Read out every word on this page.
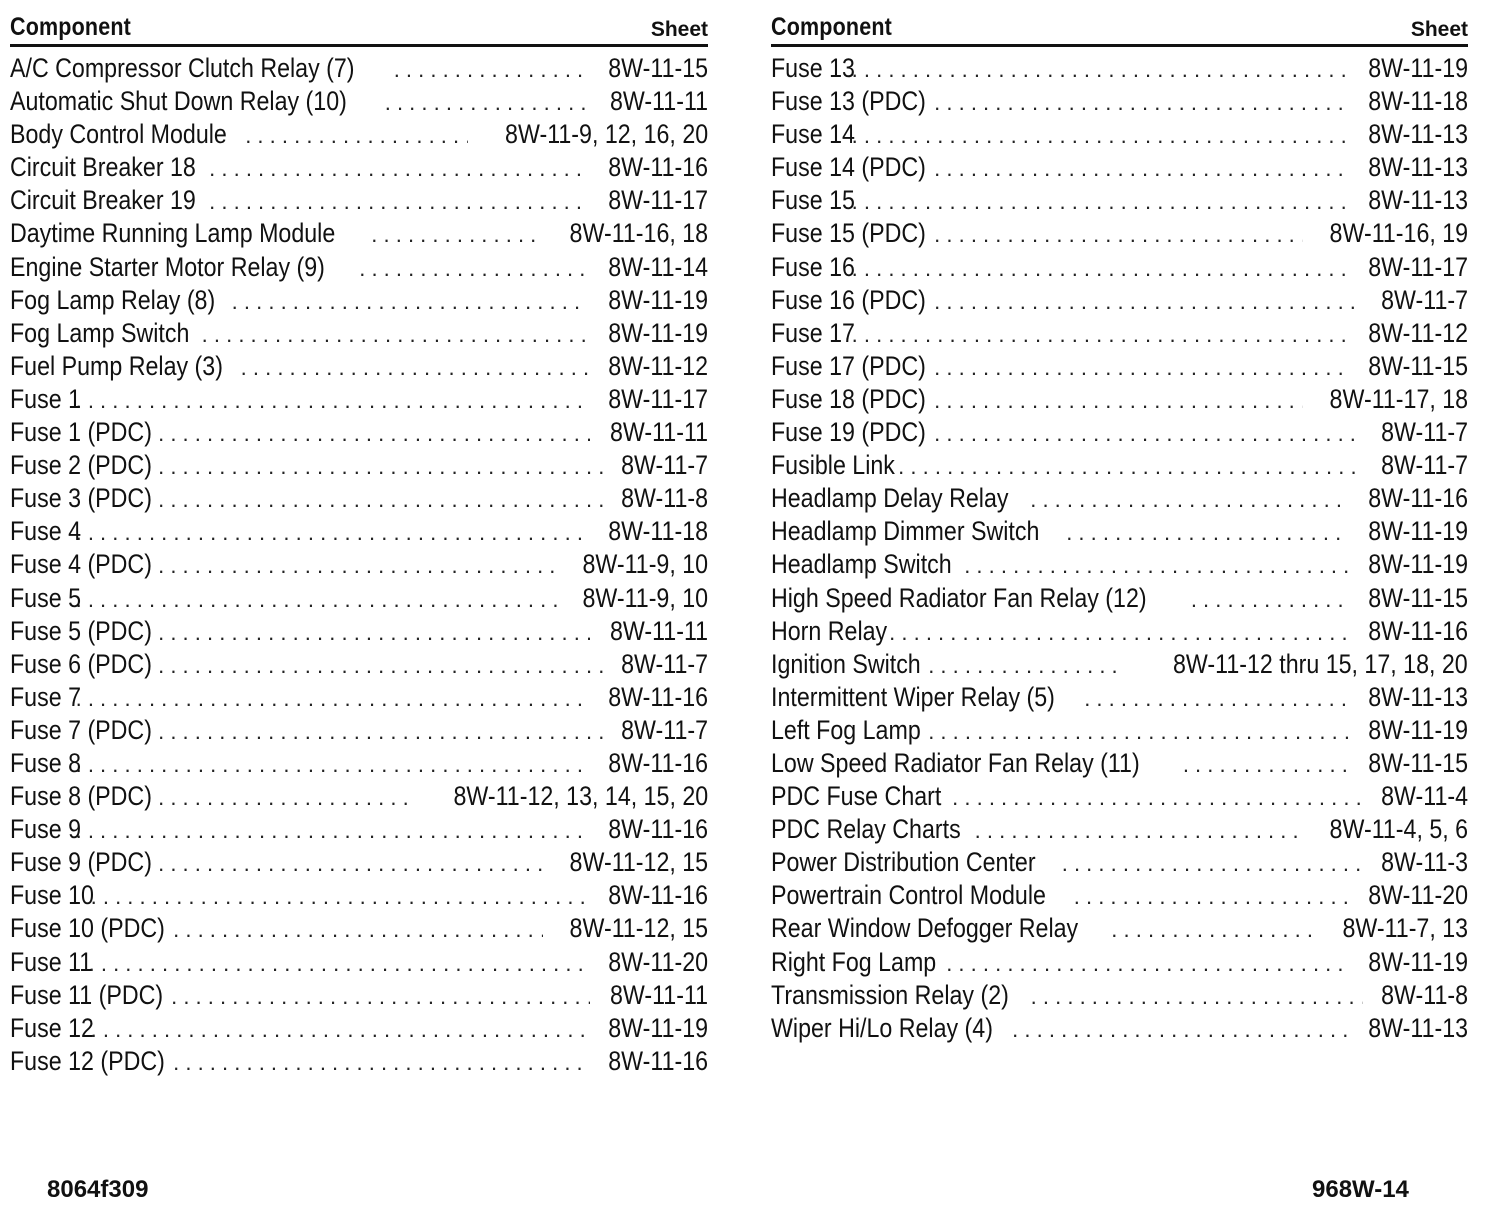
Component	Sheet
A/C Compressor Clutch Relay (7) . . .	8W-11-15
Automatic Shut Down Relay (10) . . .	8W-11-11
Body Control Module . . .	8W-11-9, 12, 16, 20
Circuit Breaker 18 . . .	8W-11-16
Circuit Breaker 19 . . .	8W-11-17
Daytime Running Lamp Module . . .	8W-11-16, 18
Engine Starter Motor Relay (9) . . .	8W-11-14
Fog Lamp Relay (8) . . .	8W-11-19
Fog Lamp Switch . . .	8W-11-19
Fuel Pump Relay (3) . . .	8W-11-12
Fuse 1 . . .	8W-11-17
Fuse 1 (PDC) . . .	8W-11-11
Fuse 2 (PDC) . . .	8W-11-7
Fuse 3 (PDC) . . .	8W-11-8
Fuse 4 . . .	8W-11-18
Fuse 4 (PDC) . . .	8W-11-9, 10
Fuse 5 . . .	8W-11-9, 10
Fuse 5 (PDC) . . .	8W-11-11
Fuse 6 (PDC) . . .	8W-11-7
Fuse 7 . . .	8W-11-16
Fuse 7 (PDC) . . .	8W-11-7
Fuse 8 . . .	8W-11-16
Fuse 8 (PDC) . . .	8W-11-12, 13, 14, 15, 20
Fuse 9 . . .	8W-11-16
Fuse 9 (PDC) . . .	8W-11-12, 15
Fuse 10 . . .	8W-11-16
Fuse 10 (PDC) . . .	8W-11-12, 15
Fuse 11 . . .	8W-11-20
Fuse 11 (PDC) . . .	8W-11-11
Fuse 12 . . .	8W-11-19
Fuse 12 (PDC) . . .	8W-11-16
Component	Sheet
Fuse 13 . . .	8W-11-19
Fuse 13 (PDC) . . .	8W-11-18
Fuse 14 . . .	8W-11-13
Fuse 14 (PDC) . . .	8W-11-13
Fuse 15 . . .	8W-11-13
Fuse 15 (PDC) . . .	8W-11-16, 19
Fuse 16 . . .	8W-11-17
Fuse 16 (PDC) . . .	8W-11-7
Fuse 17 . . .	8W-11-12
Fuse 17 (PDC) . . .	8W-11-15
Fuse 18 (PDC) . . .	8W-11-17, 18
Fuse 19 (PDC) . . .	8W-11-7
Fusible Link . . .	8W-11-7
Headlamp Delay Relay . . .	8W-11-16
Headlamp Dimmer Switch . . .	8W-11-19
Headlamp Switch . . .	8W-11-19
High Speed Radiator Fan Relay (12) . . .	8W-11-15
Horn Relay . . .	8W-11-16
Ignition Switch . . .	8W-11-12 thru 15, 17, 18, 20
Intermittent Wiper Relay (5) . . .	8W-11-13
Left Fog Lamp . . .	8W-11-19
Low Speed Radiator Fan Relay (11) . . .	8W-11-15
PDC Fuse Chart . . .	8W-11-4
PDC Relay Charts . . .	8W-11-4, 5, 6
Power Distribution Center . . .	8W-11-3
Powertrain Control Module . . .	8W-11-20
Rear Window Defogger Relay . . .	8W-11-7, 13
Right Fog Lamp . . .	8W-11-19
Transmission Relay (2) . . .	8W-11-8
Wiper Hi/Lo Relay (4) . . .	8W-11-13
8064f309	968W-14
